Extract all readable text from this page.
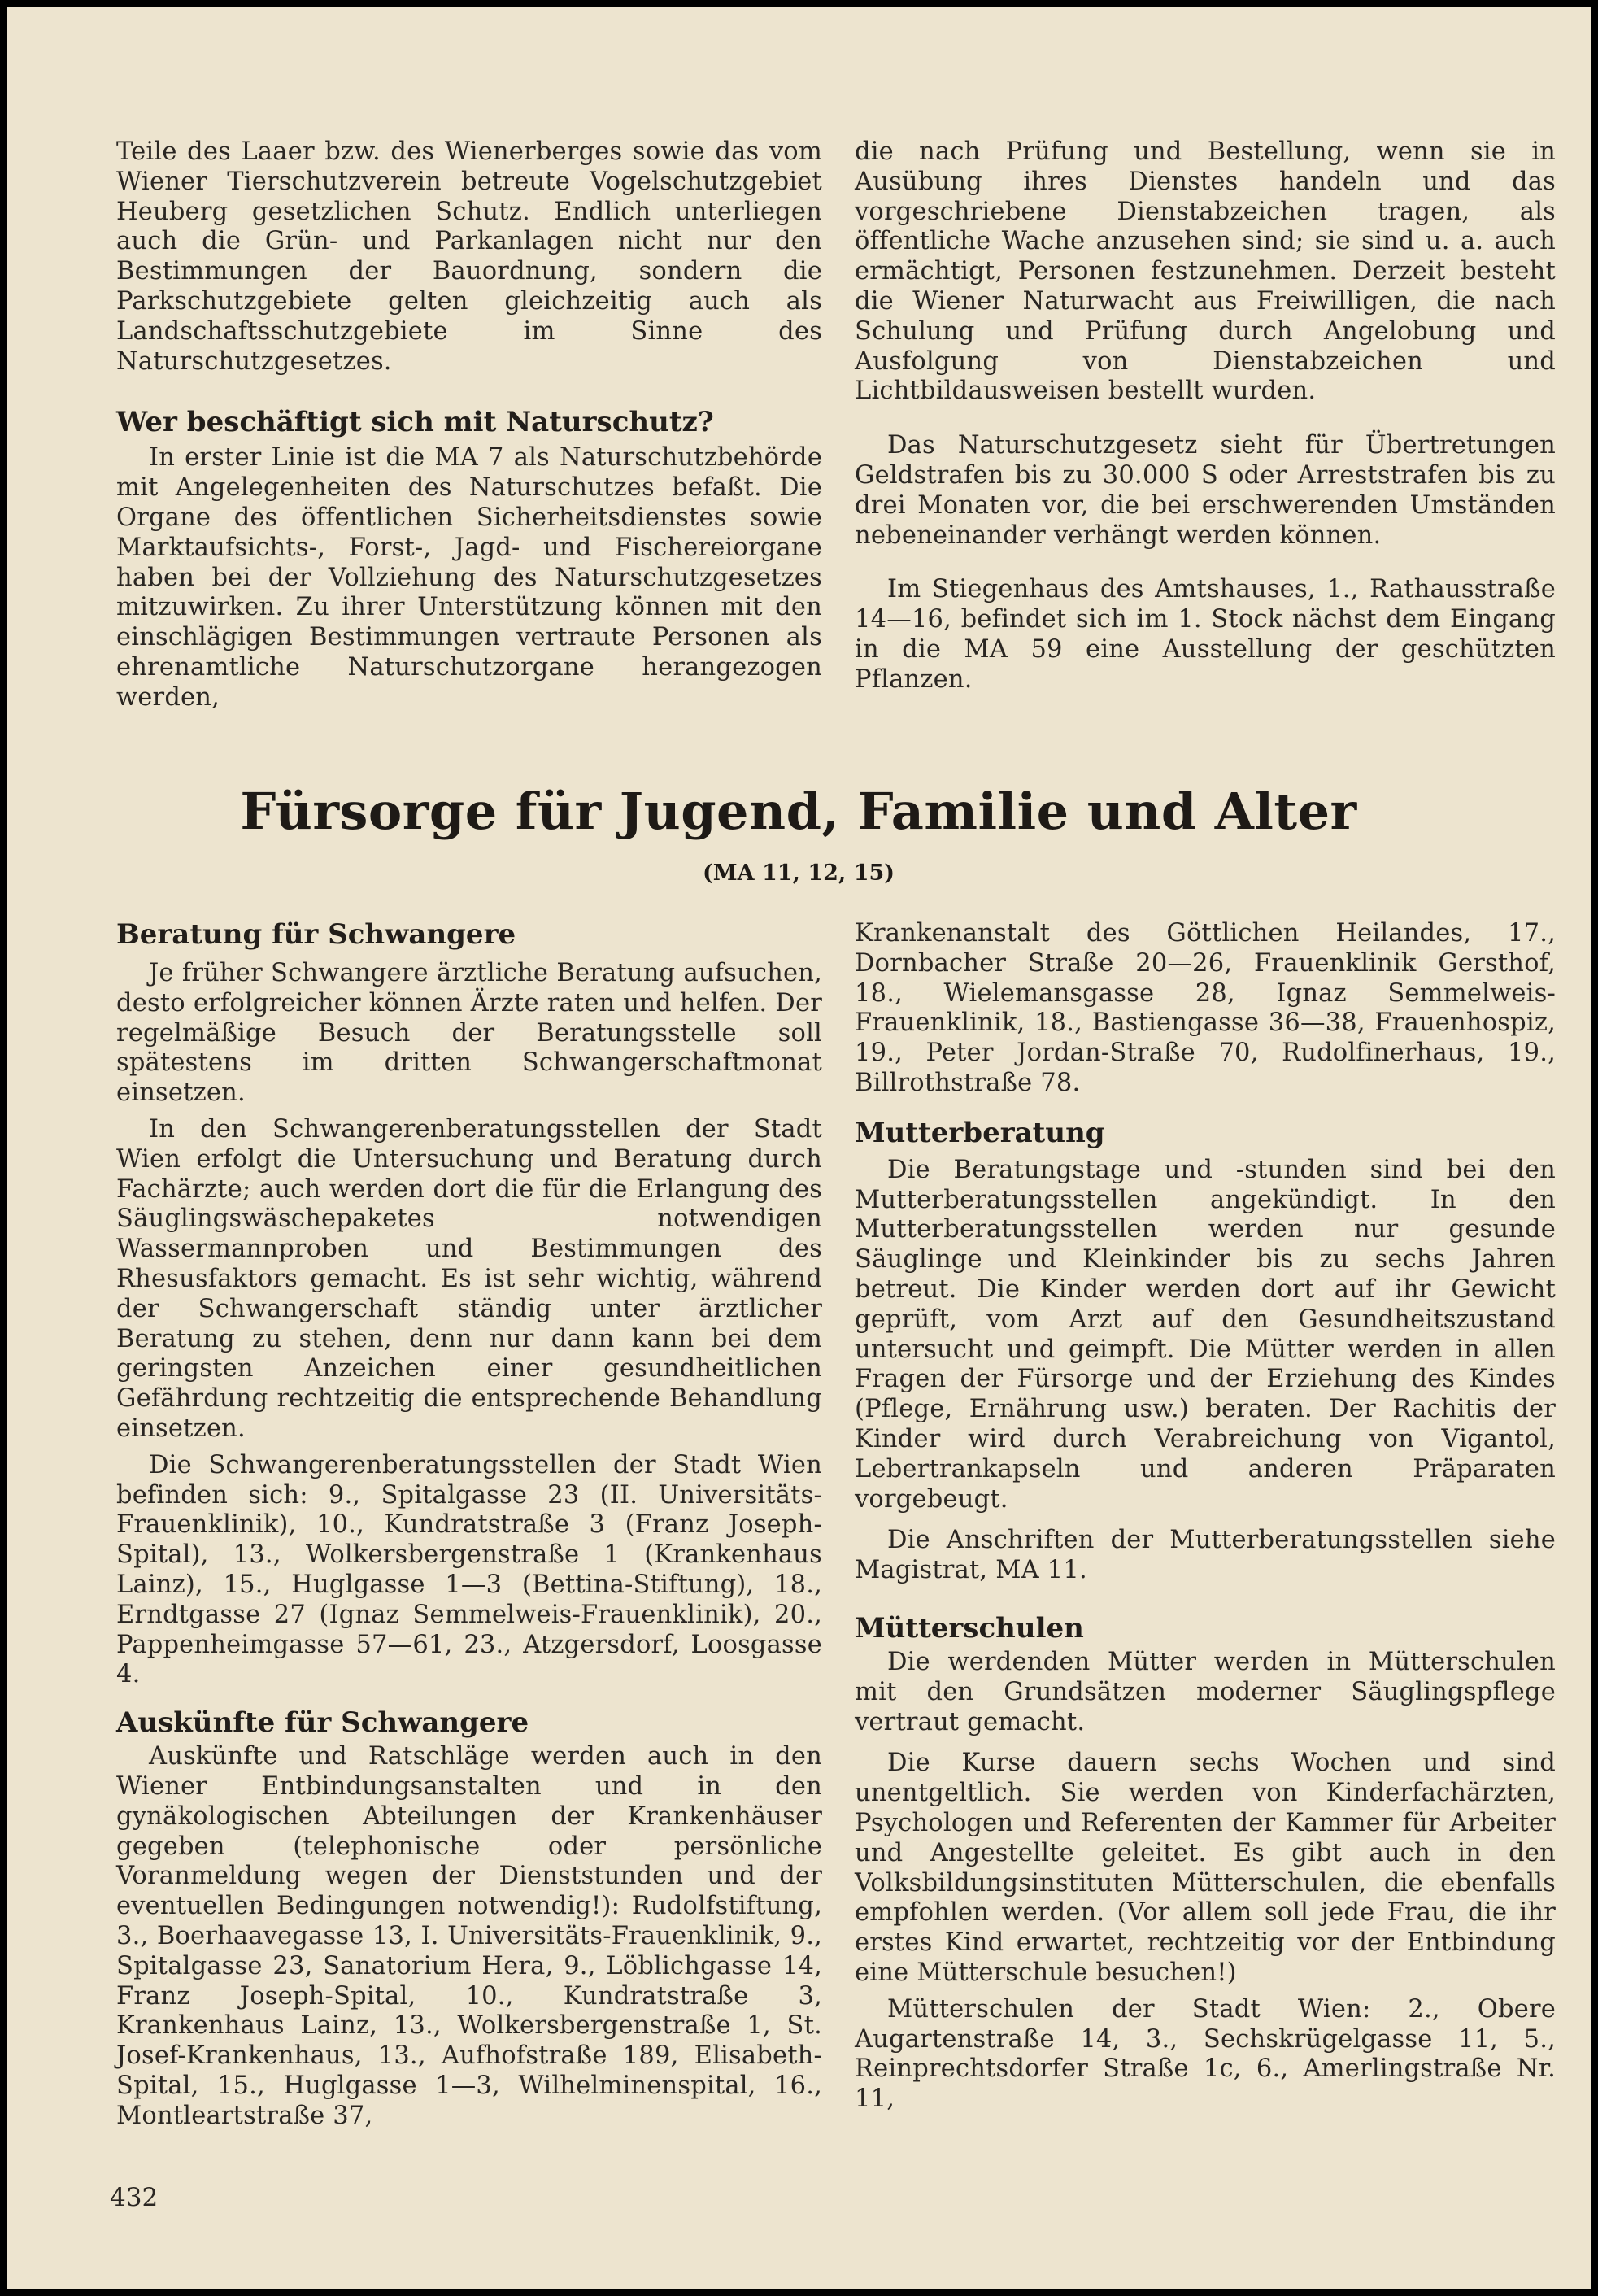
Teile des Laaer bzw. des Wienerberges sowie das vom Wiener Tierschutzverein betreute Vogelschutzgebiet Heuberg gesetzlichen Schutz. Endlich unterliegen auch die Grün- und Parkanlagen nicht nur den Bestimmungen der Bauordnung, sondern die Parkschutzgebiete gelten gleichzeitig auch als Landschaftsschutzgebiete im Sinne des Naturschutzgesetzes.

Wer beschäftigt sich mit Naturschutz?

In erster Linie ist die MA 7 als Naturschutzbehörde mit Angelegenheiten des Naturschutzes befaßt. Die Organe des öffentlichen Sicherheitsdienstes sowie Marktaufsichts-, Forst-, Jagd- und Fischereiorgane haben bei der Vollziehung des Naturschutzgesetzes mitzuwirken. Zu ihrer Unterstützung können mit den einschlägigen Bestimmungen vertraute Personen als ehrenamtliche Naturschutzorgane herangezogen werden,

die nach Prüfung und Bestellung, wenn sie in Ausübung ihres Dienstes handeln und das vorgeschriebene Dienstabzeichen tragen, als öffentliche Wache anzusehen sind; sie sind u. a. auch ermächtigt, Personen festzunehmen. Derzeit besteht die Wiener Naturwacht aus Freiwilligen, die nach Schulung und Prüfung durch Angelobung und Ausfolgung von Dienstabzeichen und Lichtbildausweisen bestellt wurden.

Das Naturschutzgesetz sieht für Übertretungen Geldstrafen bis zu 30.000 S oder Arreststrafen bis zu drei Monaten vor, die bei erschwerenden Umständen nebeneinander verhängt werden können.

Im Stiegenhaus des Amtshauses, 1., Rathausstraße 14—16, befindet sich im 1. Stock nächst dem Eingang in die MA 59 eine Ausstellung der geschützten Pflanzen.

Fürsorge für Jugend, Familie und Alter
(MA 11, 12, 15)
Beratung für Schwangere

Je früher Schwangere ärztliche Beratung aufsuchen, desto erfolgreicher können Ärzte raten und helfen. Der regelmäßige Besuch der Beratungsstelle soll spätestens im dritten Schwangerschaftmonat einsetzen.

In den Schwangerenberatungsstellen der Stadt Wien erfolgt die Untersuchung und Beratung durch Fachärzte; auch werden dort die für die Erlangung des Säuglingswäschepaketes notwendigen Wassermannproben und Bestimmungen des Rhesusfaktors gemacht. Es ist sehr wichtig, während der Schwangerschaft ständig unter ärztlicher Beratung zu stehen, denn nur dann kann bei dem geringsten Anzeichen einer gesundheitlichen Gefährdung rechtzeitig die entsprechende Behandlung einsetzen.

Die Schwangerenberatungsstellen der Stadt Wien befinden sich: 9., Spitalgasse 23 (II. Universitäts-Frauenklinik), 10., Kundratstraße 3 (Franz Joseph-Spital), 13., Wolkersbergenstraße 1 (Krankenhaus Lainz), 15., Huglgasse 1—3 (Bettina-Stiftung), 18., Erndtgasse 27 (Ignaz Semmelweis-Frauenklinik), 20., Pappenheimgasse 57—61, 23., Atzgersdorf, Loosgasse 4.

Auskünfte für Schwangere

Auskünfte und Ratschläge werden auch in den Wiener Entbindungsanstalten und in den gynäkologischen Abteilungen der Krankenhäuser gegeben (telephonische oder persönliche Voranmeldung wegen der Dienststunden und der eventuellen Bedingungen notwendig!): Rudolfstiftung, 3., Boerhaavegasse 13, I. Universitäts-Frauenklinik, 9., Spitalgasse 23, Sanatorium Hera, 9., Löblichgasse 14, Franz Joseph-Spital, 10., Kundratstraße 3, Krankenhaus Lainz, 13., Wolkersbergenstraße 1, St. Josef-Krankenhaus, 13., Aufhofstraße 189, Elisabeth-Spital, 15., Huglgasse 1—3, Wilhelminenspital, 16., Montleartstraße 37,

Krankenanstalt des Göttlichen Heilandes, 17., Dornbacher Straße 20—26, Frauenklinik Gersthof, 18., Wielemansgasse 28, Ignaz Semmelweis-Frauenklinik, 18., Bastiengasse 36—38, Frauenhospiz, 19., Peter Jordan-Straße 70, Rudolfinerhaus, 19., Billrothstraße 78.

Mutterberatung

Die Beratungstage und -stunden sind bei den Mutterberatungsstellen angekündigt. In den Mutterberatungsstellen werden nur gesunde Säuglinge und Kleinkinder bis zu sechs Jahren betreut. Die Kinder werden dort auf ihr Gewicht geprüft, vom Arzt auf den Gesundheitszustand untersucht und geimpft. Die Mütter werden in allen Fragen der Fürsorge und der Erziehung des Kindes (Pflege, Ernährung usw.) beraten. Der Rachitis der Kinder wird durch Verabreichung von Vigantol, Lebertrankapseln und anderen Präparaten vorgebeugt.

Die Anschriften der Mutterberatungsstellen siehe Magistrat, MA 11.

Mütterschulen

Die werdenden Mütter werden in Mütterschulen mit den Grundsätzen moderner Säuglingspflege vertraut gemacht.

Die Kurse dauern sechs Wochen und sind unentgeltlich. Sie werden von Kinderfachärzten, Psychologen und Referenten der Kammer für Arbeiter und Angestellte geleitet. Es gibt auch in den Volksbildungsinstituten Mütterschulen, die ebenfalls empfohlen werden. (Vor allem soll jede Frau, die ihr erstes Kind erwartet, rechtzeitig vor der Entbindung eine Mütterschule besuchen!)

Mütterschulen der Stadt Wien: 2., Obere Augartenstraße 14, 3., Sechskrügelgasse 11, 5., Reinprechtsdorfer Straße 1c, 6., Amerlingstraße Nr. 11,

432
